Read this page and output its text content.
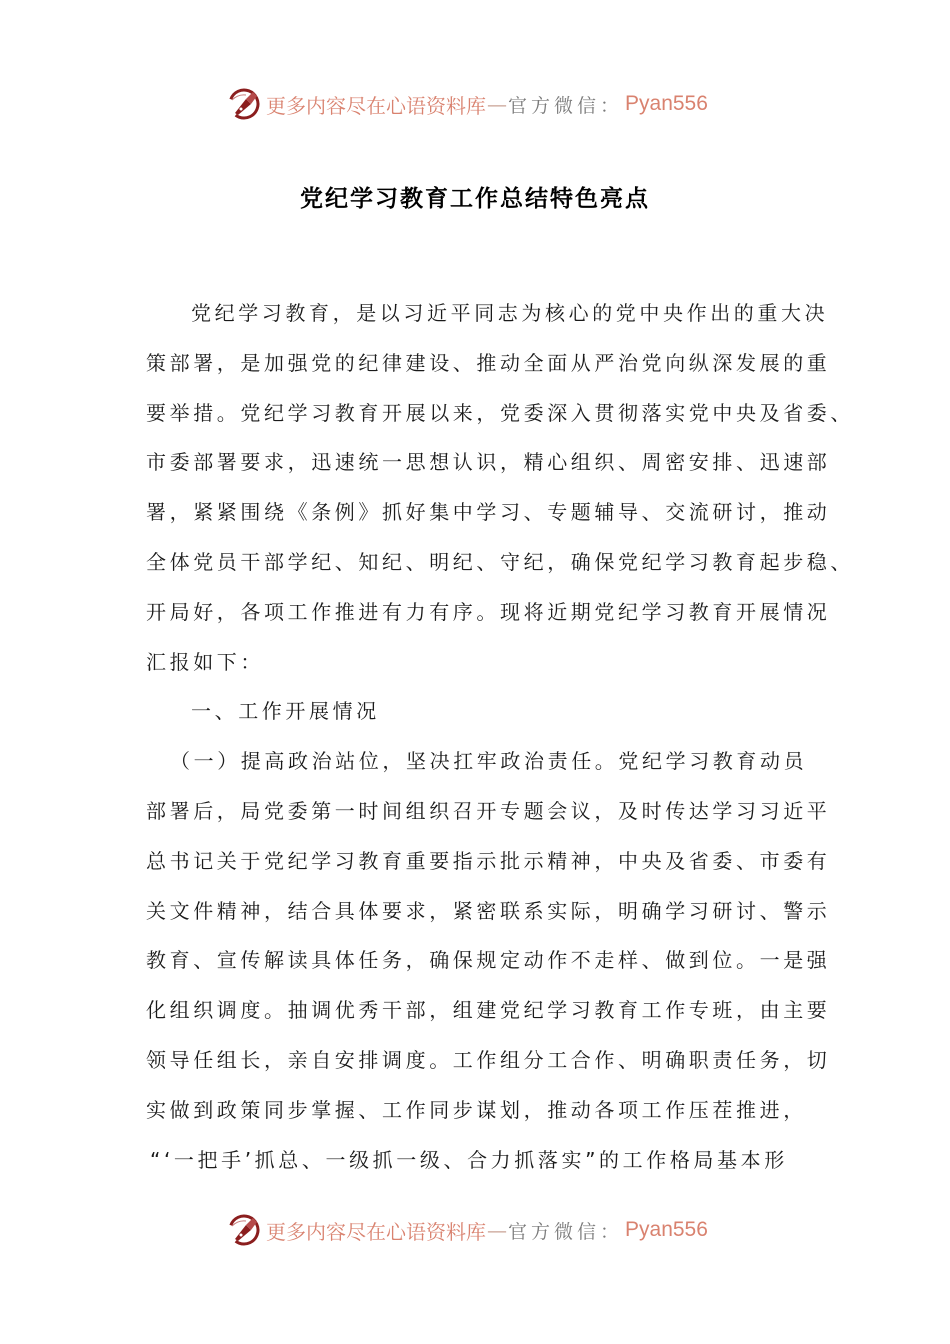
更多内容尽在心语资料库 — 官方微信： Pyan556
党纪学习教育工作总结特色亮点
党纪学习教育，是以习近平同志为核心的党中央作出的重大决
策部署，是加强党的纪律建设、推动全面从严治党向纵深发展的重
要举措。党纪学习教育开展以来，党委深入贯彻落实党中央及省委、
市委部署要求，迅速统一思想认识，精心组织、周密安排、迅速部
署，紧紧围绕《条例》抓好集中学习、专题辅导、交流研讨，推动
全体党员干部学纪、知纪、明纪、守纪，确保党纪学习教育起步稳、
开局好，各项工作推进有力有序。现将近期党纪学习教育开展情况
汇报如下：
一、工作开展情况
（一）提高政治站位，坚决扛牢政治责任。党纪学习教育动员
部署后，局党委第一时间组织召开专题会议，及时传达学习习近平
总书记关于党纪学习教育重要指示批示精神，中央及省委、市委有
关文件精神，结合具体要求，紧密联系实际，明确学习研讨、警示
教育、宣传解读具体任务，确保规定动作不走样、做到位。一是强
化组织调度。抽调优秀干部，组建党纪学习教育工作专班，由主要
领导任组长，亲自安排调度。工作组分工合作、明确职责任务，切
实做到政策同步掌握、工作同步谋划，推动各项工作压茬推进，
“‘一把手’抓总、一级抓一级、合力抓落实”的工作格局基本形
更多内容尽在心语资料库 — 官方微信： Pyan556
